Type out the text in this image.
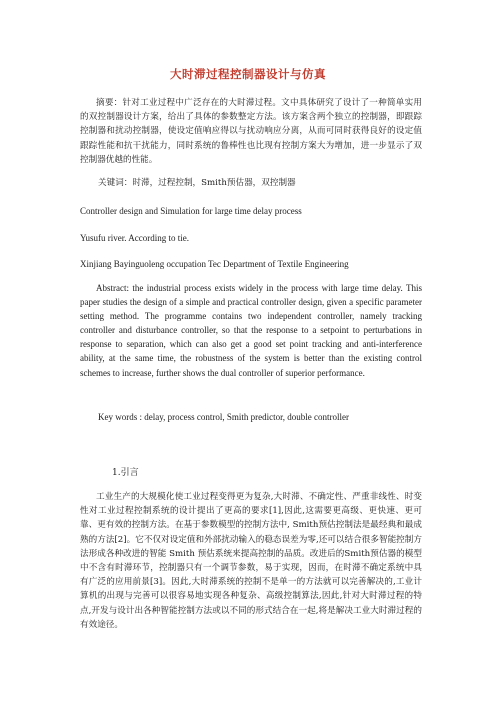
大时滞过程控制器设计与仿真
摘要：针对工业过程中广泛存在的大时滞过程。文中具体研究了设计了一种简单实用的双控制器设计方案，给出了具体的参数整定方法。该方案含两个独立的控制器，即跟踪控制器和扰动控制器，使设定值响应得以与扰动响应分离，从而可同时获得良好的设定值跟踪性能和抗干扰能力，同时系统的鲁棒性也比现有控制方案大为增加，进一步显示了双控制器优越的性能。
关键词：时滞，过程控制，Smith预估器，双控制器
Controller design and Simulation for large time delay process
Yusufu river. According to tie.
Xinjiang Bayinguoleng occupation Tec Department of Textile Engineering
Abstract: the industrial process exists widely in the process with large time delay. This paper studies the design of a simple and practical controller design, given a specific parameter setting method. The programme contains two independent controller, namely tracking controller and disturbance controller, so that the response to a setpoint to perturbations in response to separation, which can also get a good set point tracking and anti-interference ability, at the same time, the robustness of the system is better than the existing control schemes to increase, further shows the dual controller of superior performance.
Key words : delay, process control, Smith predictor, double controller
1.引言
工业生产的大规模化使工业过程变得更为复杂,大时滞、不确定性、严重非线性、时变性对工业过程控制系统的设计提出了更高的要求[1],因此,这需要更高级、更快速、更可靠、更有效的控制方法。在基于参数模型的控制方法中, Smith预估控制法是最经典和最成熟的方法[2]。它不仅对设定值和外部扰动输入的稳态误差为零,还可以结合很多智能控制方法形成各种改进的智能 Smith 预估系统来提高控制的品质。改进后的Smith预估器的模型中不含有时滞环节，控制器只有一个调节参数，易于实现，因而，在时滞不确定系统中具有广泛的应用前景[3]。因此,大时滞系统的控制不是单一的方法就可以完善解决的,工业计算机的出现与完善可以很容易地实现各种复杂、高级控制算法,因此,针对大时滞过程的特点,开发与设计出各种智能控制方法或以不同的形式结合在一起,将是解决工业大时滞过程的有效途径。
